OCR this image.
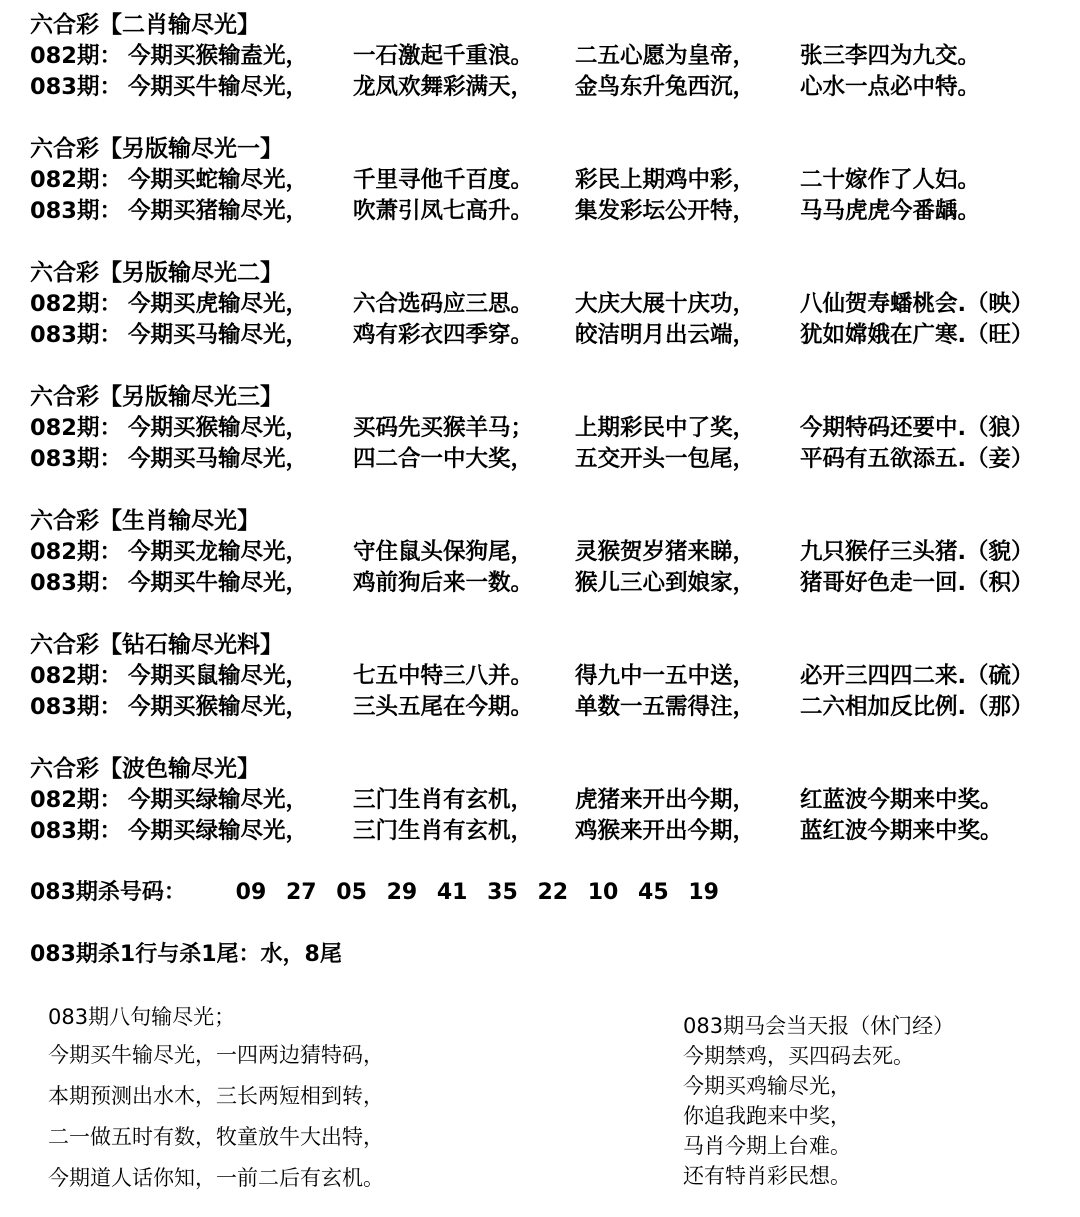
六合彩【二肖输尽光】
082期： 今期买猴输盍光，	一石激起千重浪。	二五心愿为皇帝，	张三李四为九交。
083期： 今期买牛输尽光，	龙凤欢舞彩满天，	金鸟东升兔西沉，	心水一点必中特。
六合彩【另版输尽光一】
082期： 今期买蛇输尽光，	千里寻他千百度。	彩民上期鸡中彩，	二十嫁作了人妇。
083期： 今期买猪输尽光，	吹萧引凤七高升。	集发彩坛公开特，	马马虎虎今番龋。
六合彩【另版输尽光二】
082期： 今期买虎输尽光，	六合选码应三思。	大庆大展十庆功，	八仙贺寿蟠桃会.（映）
083期： 今期买马输尽光，	鸡有彩衣四季穿。	皎洁明月出云端，	犹如嫦娥在广寒.（旺）
六合彩【另版输尽光三】
082期： 今期买猴输尽光，	买码先买猴羊马；	上期彩民中了奖，	今期特码还要中.（狼）
083期： 今期买马输尽光，	四二合一中大奖，	五交开头一包尾，	平码有五欲添五.（妾）
六合彩【生肖输尽光】
082期： 今期买龙输尽光，	守住鼠头保狗尾，	灵猴贺岁猪来睇，	九只猴仔三头猪.（貌）
083期： 今期买牛输尽光，	鸡前狗后来一数。	猴儿三心到娘家，	猪哥好色走一回.（积）
六合彩【钻石输尽光料】
082期： 今期买鼠输尽光，	七五中特三八并。	得九中一五中送，	必开三四四二来.（硫）
083期： 今期买猴输尽光，	三头五尾在今期。	单数一五需得注，	二六相加反比例.（那）
六合彩【波色输尽光】
082期： 今期买绿输尽光，	三门生肖有玄机，	虎猪来开出今期，	红蓝波今期来中奖。
083期： 今期买绿输尽光，	三门生肖有玄机，	鸡猴来开出今期，	蓝红波今期来中奖。
083期杀号码： 09 27 05 29 41 35 22 10 45 19
083期杀1行与杀1尾：水，8尾
083期八句输尽光；
今期买牛输尽光，一四两边猜特码，
本期预测出水木，三长两短相到转，
二一做五时有数，牧童放牛大出特，
今期道人话你知，一前二后有玄机。
083期马会当天报（休门经）
今期禁鸡，买四码去死。
今期买鸡输尽光，
你追我跑来中奖，
马肖今期上台难。
还有特肖彩民想。
